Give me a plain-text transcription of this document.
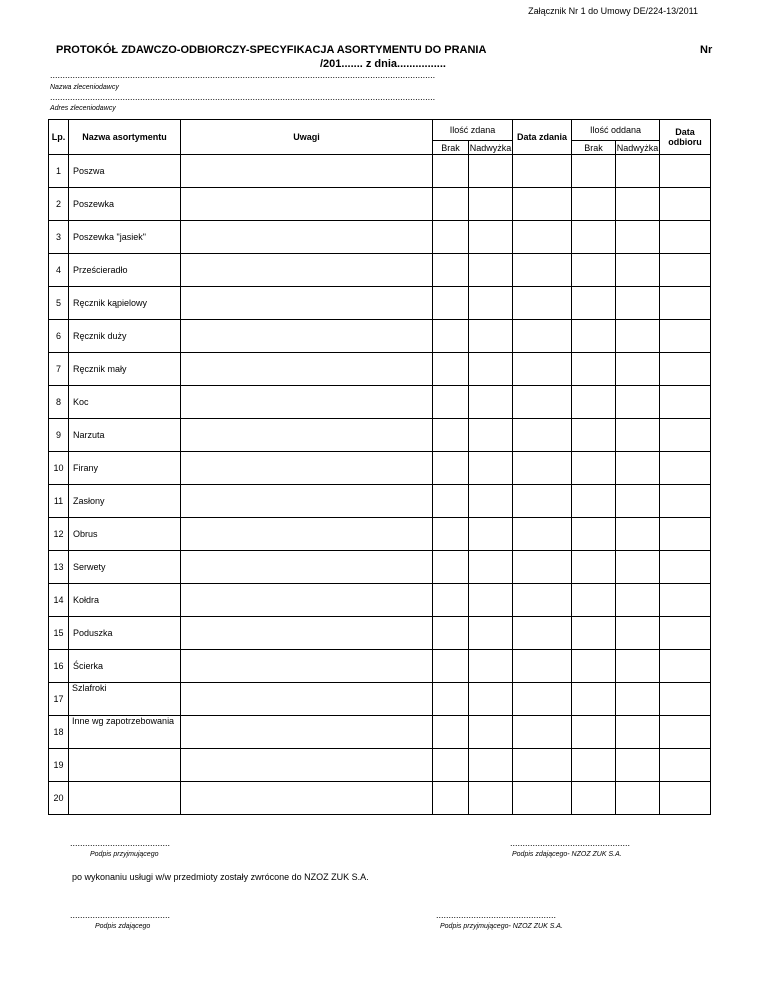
Załącznik Nr 1 do Umowy DE/224-13/2011
PROTOKÓŁ ZDAWCZO-ODBIORCZY-SPECYFIKACJA ASORTYMENTU DO PRANIA
/201....... z dnia................
Nr
..........................................................................................................................................................
Nazwa zleceniodawcy
..........................................................................................................................................................
Adres zleceniodawcy
Lp.	Nazwa asortymentu	Uwagi	Ilość zdana		Data zdania	Ilość oddana		Data odbioru
			Brak	Nadwyżka		Brak	Nadwyżka	
1	Poszwa							

2	Poszewka							

3	Poszewka "jasiek"							

4	Prześcieradło							

5	Ręcznik kąpielowy							

6	Ręcznik duży							

7	Ręcznik mały							

8	Koc							

9	Narzuta							

10	Firany							

11	Zasłony							

12	Obrus							

13	Serwety							

14	Kołdra							

15	Poduszka							

16	Ścierka							

17	Szlafroki							

18	Inne wg zapotrzebowania							

19								

20								

........................................
Podpis przyjmującego
................................................
Podpis zdającego- NZOZ ZUK S.A.
po wykonaniu usługi w/w przedmioty zostały zwrócone do NZOZ ZUK S.A.
........................................
Podpis zdającego
................................................
Podpis przyjmującego- NZOZ ZUK S.A.
